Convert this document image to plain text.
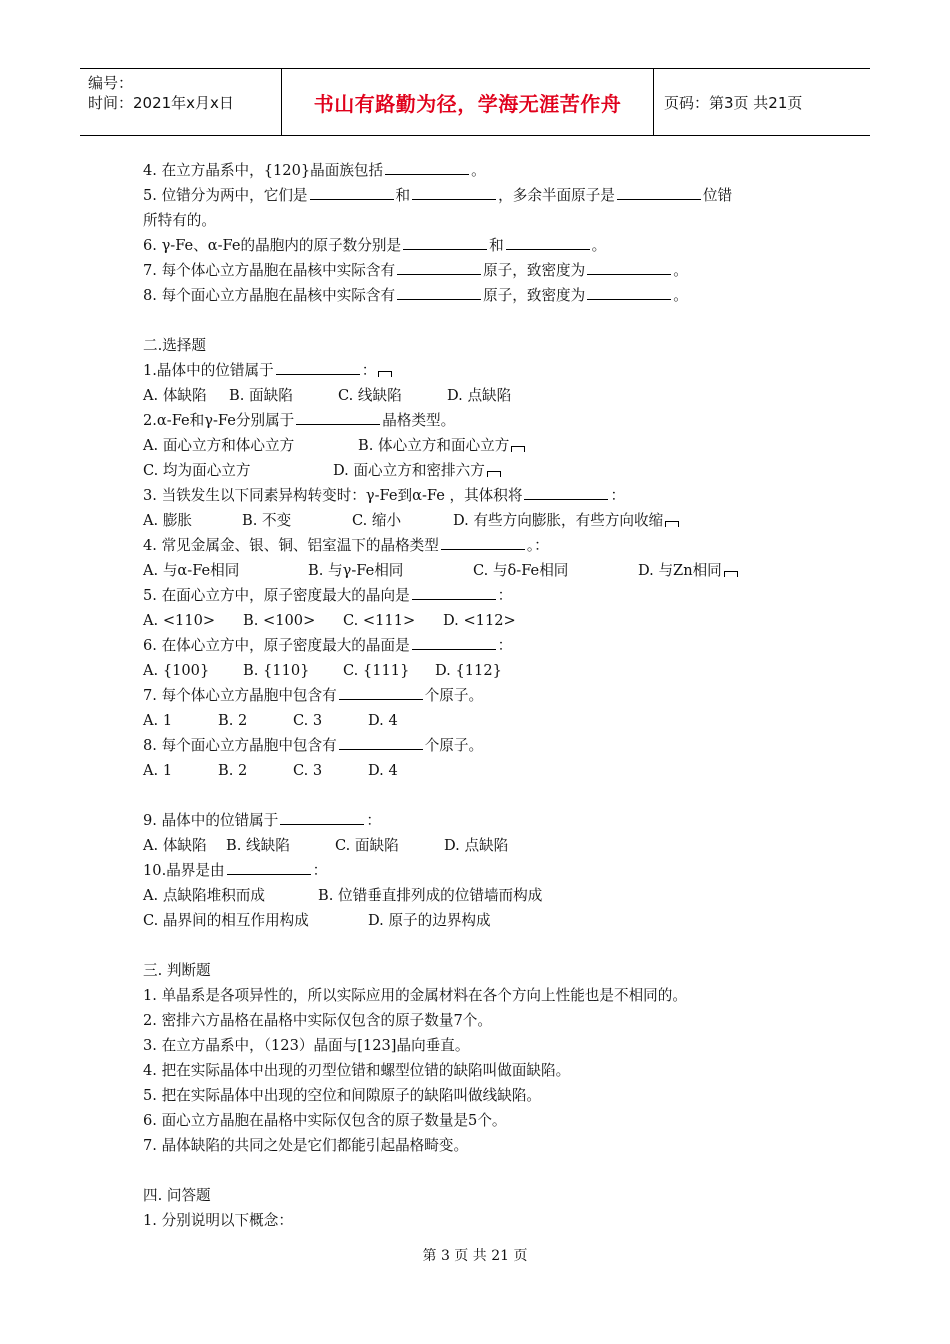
编号：
时间：2021年x月x日	书山有路勤为径，学海无涯苦作舟	页码：第3页 共21页
4. 在立方晶系中，{120}晶面族包括	。
5. 位错分为两中，它们是	和	，多余半面原子是	位错
所特有的。
6. γ-Fe、α-Fe的晶胞内的原子数分别是	和	。
7. 每个体心立方晶胞在晶核中实际含有	原子，致密度为	。
8. 每个面心立方晶胞在晶核中实际含有	原子，致密度为	。
二.选择题
1.晶体中的位错属于	：
A. 体缺陷 B. 面缺陷	C. 线缺陷	D. 点缺陷
2.α-Fe和γ-Fe分别属于	晶格类型。
A. 面心立方和体心立方	B. 体心立方和面心立方
C. 均为面心立方	D. 面心立方和密排六方
3. 当铁发生以下同素异构转变时：γ-Fe到α-Fe ，其体积将	：
A. 膨胀	B. 不变	C. 缩小	D. 有些方向膨胀，有些方向收缩
4. 常见金属金、银、铜、铝室温下的晶格类型	。：
A. 与α-Fe相同	B. 与γ-Fe相同	C. 与δ-Fe相同	D. 与Zn相同
5. 在面心立方中，原子密度最大的晶向是	：
A. <110> B. <100> C. <111> D. <112>
6. 在体心立方中，原子密度最大的晶面是	：
A. {100} B. {110} C. {111} D. {112}
7. 每个体心立方晶胞中包含有	个原子。
A. 1	B. 2	C. 3	D. 4
8. 每个面心立方晶胞中包含有	个原子。
A. 1	B. 2	C. 3	D. 4
9. 晶体中的位错属于	：
A. 体缺陷 B. 线缺陷	C. 面缺陷	D. 点缺陷
10.晶界是由	：
A. 点缺陷堆积而成	B. 位错垂直排列成的位错墙而构成
C. 晶界间的相互作用构成	D. 原子的边界构成
三. 判断题
1. 单晶系是各项异性的，所以实际应用的金属材料在各个方向上性能也是不相同的。
2. 密排六方晶格在晶格中实际仅包含的原子数量7个。
3. 在立方晶系中，（123）晶面与[123]晶向垂直。
4. 把在实际晶体中出现的刃型位错和螺型位错的缺陷叫做面缺陷。
5. 把在实际晶体中出现的空位和间隙原子的缺陷叫做线缺陷。
6. 面心立方晶胞在晶格中实际仅包含的原子数量是5个。
7. 晶体缺陷的共同之处是它们都能引起晶格畸变。
四. 问答题
1. 分别说明以下概念：
第 3 页 共 21 页
